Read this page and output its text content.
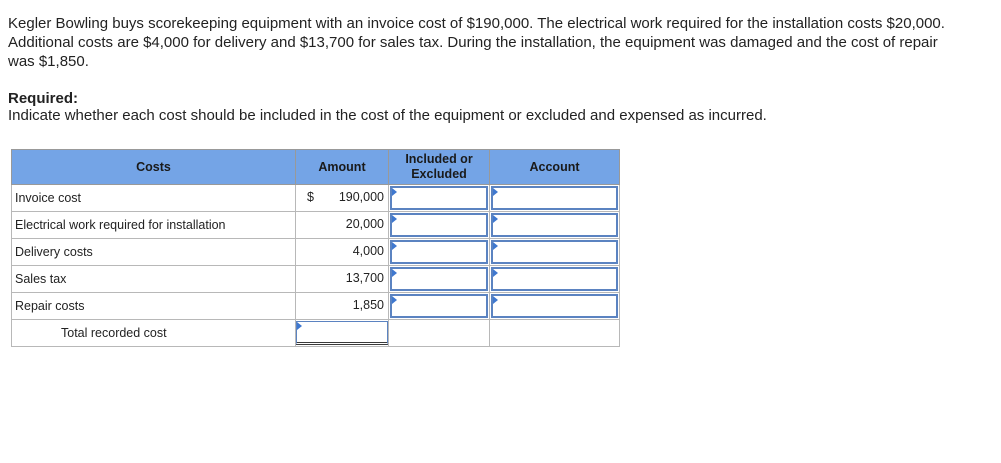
Kegler Bowling buys scorekeeping equipment with an invoice cost of $190,000. The electrical work required for the installation costs $20,000. Additional costs are $4,000 for delivery and $13,700 for sales tax. During the installation, the equipment was damaged and the cost of repair was $1,850.

Required:

Indicate whether each cost should be included in the cost of the equipment or excluded and expensed as incurred.

Costs	Amount	Included or Excluded	Account
Invoice cost	$ 190,000		

Electrical work required for installation	20,000		

Delivery costs	4,000		

Sales tax	13,700		

Repair costs	1,850		

Total recorded cost	
